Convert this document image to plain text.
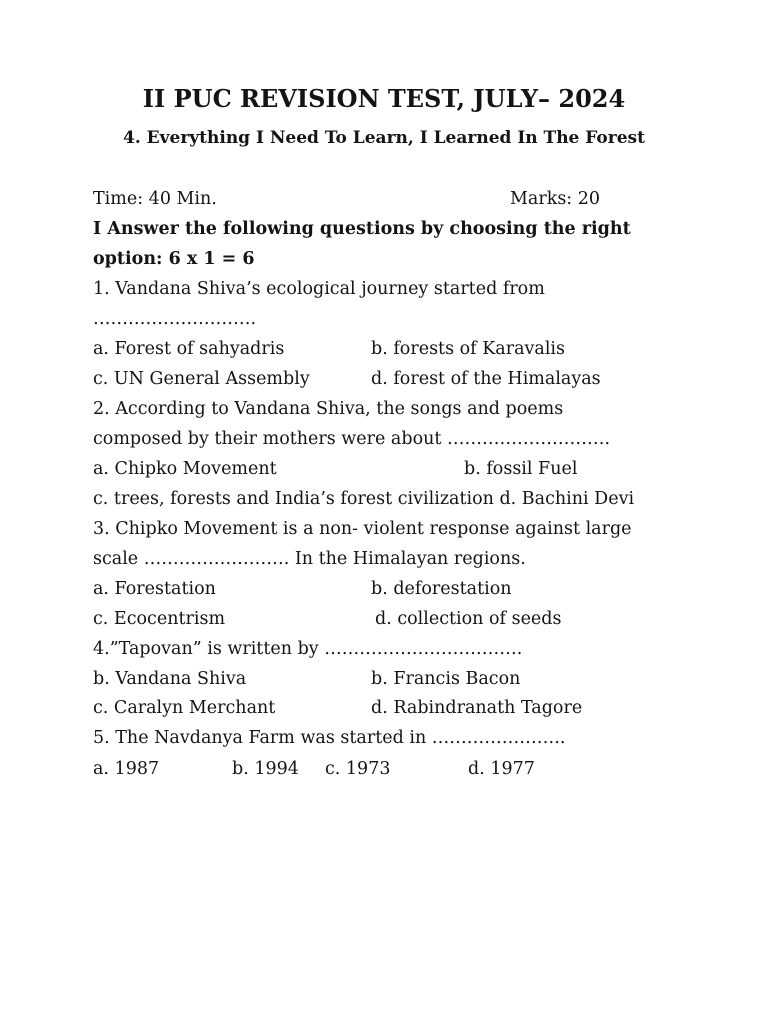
II PUC REVISION TEST, JULY– 2024
4. Everything I Need To Learn, I Learned In The Forest
Time: 40 Min.	Marks: 20
I Answer the following questions by choosing the right
option: 6 x 1 = 6
1. Vandana Shiva’s ecological journey started from
……………………….
a. Forest of sahyadris	b. forests of Karavalis
c. UN General Assembly	d. forest of the Himalayas
2. According to Vandana Shiva, the songs and poems
composed by their mothers were about ……………………….
a. Chipko Movement	b. fossil Fuel
c. trees, forests and India’s forest civilization d. Bachini Devi
3. Chipko Movement is a non- violent response against large
scale ……………………. In the Himalayan regions.
a. Forestation	b. deforestation
c. Ecocentrism	d. collection of seeds
4.”Tapovan” is written by …………………………….
b. Vandana Shiva	b. Francis Bacon
c. Caralyn Merchant	d. Rabindranath Tagore
5. The Navdanya Farm was started in …………………..
a. 1987	b. 1994 c. 1973	d. 1977
